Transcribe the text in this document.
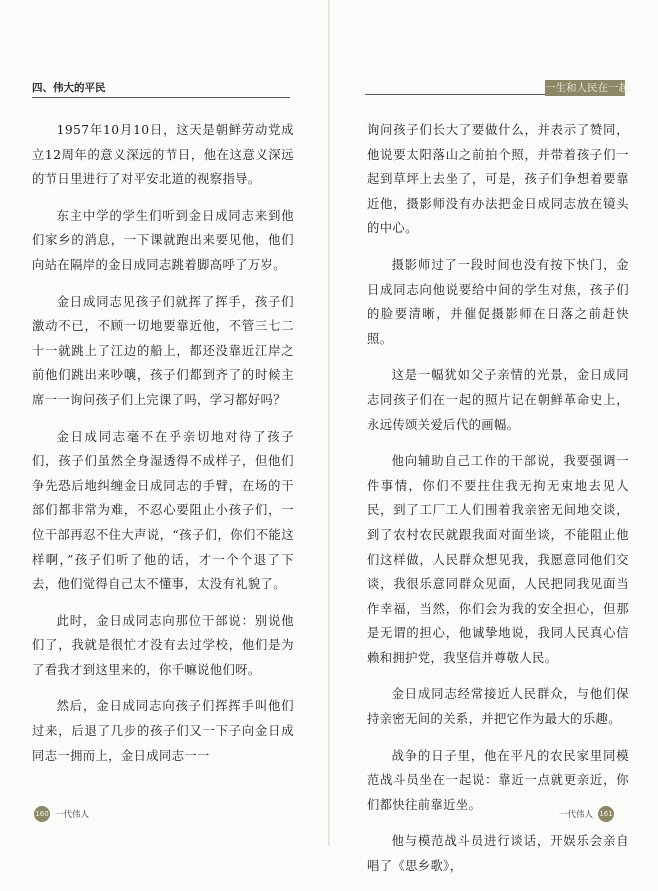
四、伟大的平民

1957年10月10日，这天是朝鲜劳动党成立12周年的意义深远的节日，他在这意义深远的节日里进行了对平安北道的视察指导。

东主中学的学生们听到金日成同志来到他们家乡的消息，一下课就跑出来要见他，他们向站在隔岸的金日成同志跳着脚高呼了万岁。

金日成同志见孩子们就挥了挥手，孩子们激动不已，不顾一切地要靠近他，不管三七二十一就跳上了江边的船上，都还没靠近江岸之前他们跳出来吵嚷，孩子们都到齐了的时候主席一一询问孩子们上完课了吗，学习都好吗？

金日成同志毫不在乎亲切地对待了孩子们，孩子们虽然全身湿透得不成样子，但他们争先恐后地纠缠金日成同志的手臂，在场的干部们都非常为难，不忍心要阻止小孩子们，一位干部再忍不住大声说，“孩子们，你们不能这样啊，”孩子们听了他的话，才一个个退了下去，他们觉得自己太不懂事，太没有礼貌了。

此时，金日成同志向那位干部说：别说他们了，我就是很忙才没有去过学校，他们是为了看我才到这里来的，你千嘛说他们呀。

然后，金日成同志向孩子们挥挥手叫他们过来，后退了几步的孩子们又一下子向金日成同志一拥而上，金日成同志一一

160 一代伟人
一生和人民在一起

询问孩子们长大了要做什么，并表示了赞同，他说要太阳落山之前拍个照，并带着孩子们一起到草坪上去坐了，可是，孩子们争想着要靠近他，摄影师没有办法把金日成同志放在镜头的中心。

摄影师过了一段时间也没有按下快门，金日成同志向他说要给中间的学生对焦，孩子们的脸要清晰，并催促摄影师在日落之前赶快照。

这是一幅犹如父子亲情的光景，金日成同志同孩子们在一起的照片记在朝鲜革命史上，永远传颂关爱后代的画幅。

他向辅助自己工作的干部说，我要强调一件事情，你们不要拄住我无拘无束地去见人民，到了工厂工人们围着我亲密无间地交谈，到了农村农民就跟我面对面坐谈，不能阻止他们这样做，人民群众想见我，我愿意同他们交谈，我很乐意同群众见面，人民把同我见面当作幸福，当然，你们会为我的安全担心，但那是无谓的担心，他诚挚地说，我同人民真心信赖和拥护党，我坚信并尊敬人民。

金日成同志经常接近人民群众，与他们保持亲密无间的关系，并把它作为最大的乐趣。

战争的日子里，他在平凡的农民家里同模范战斗员坐在一起说：靠近一点就更亲近，你们都快往前靠近坐。

他与模范战斗员进行谈话，开娱乐会亲自唱了《思乡歌》，

一代伟人 161
